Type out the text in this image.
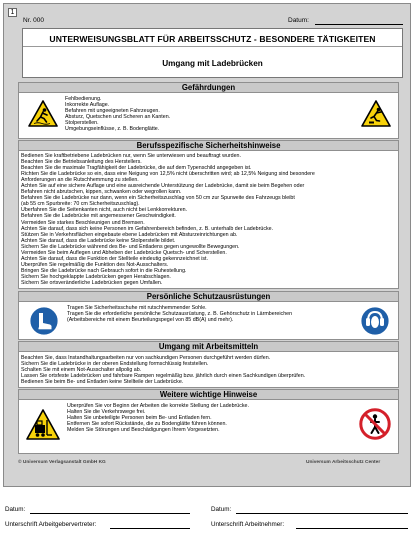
1
Nr. 000	Datum:
UNTERWEISUNGSBLATT FÜR ARBEITSSCHUTZ - BESONDERE TÄTIGKEITEN
Umgang mit Ladebrücken
Gefährdungen
Fehlbedienung.
Inkorrekte Auflage.
Befahren mit ungeeigneten Fahrzeugen.
Absturz, Quetschen und Scheren an Kanten.
Stolperstellen.
Umgebungseinflüsse, z. B. Bodenglätte.
Berufsspezifische Sicherheitshinweise
Bedienen Sie kraftbetriebene Ladebrücken nur, wenn Sie unterwiesen und beauftragt wurden.
Beachten Sie die Betriebsanleitung des Herstellers.
Beachten Sie die maximale Tragfähigkeit der Ladebrücke, die auf dem Typenschild angegeben ist.
Richten Sie die Ladebrücke so ein, dass eine Neigung von 12,5% nicht überschritten wird; ab 12,5% Neigung sind besondere
Anforderungen an die Rutschhemmung zu stellen.
Achten Sie auf eine sichere Auflage und eine ausreichende Unterstützung der Ladebrücke, damit sie beim Begehen oder
Befahren nicht abrutschen, kippen, schwanken oder wegrollen kann.
Befahren Sie die Ladebrücke nur dann, wenn ein Sicherheitszuschlag von 50 cm zur Spurweite des Fahrzeugs bleibt
(ab 55 cm Spurbreite: 70 cm Sicherheitszuschlag).
Überfahren Sie die Seitenkanten nicht, auch nicht bei Lenkkorrekturen.
Befahren Sie die Ladebrücke mit angemessener Geschwindigkeit.
Vermeiden Sie starkes Beschleunigen und Bremsen.
Achten Sie darauf, dass sich keine Personen im Gefahrenbereich befinden, z. B. unterhalb der Ladebrücke.
Stützen Sie in Verkehrsflächen eingebaute ebene Ladebrücken mit Absturzeinrichtungen ab.
Achten Sie darauf, dass die Ladebrücke keine Stolperstelle bildet.
Sichern Sie die Ladebrücke während des Be- und Entladens gegen ungewollte Bewegungen.
Vermeiden Sie beim Auflegen und Abheben der Ladebrücke Quetsch- und Scherstellen.
Achten Sie darauf, dass die Funktion der Stellteile eindeutig gekennzeichnet ist.
Überprüfen Sie regelmäßig die Funktion des Not-Ausschalters.
Bringen Sie die Ladebrücke nach Gebrauch sofort in die Ruhestellung.
Sichern Sie hochgeklappte Ladebrücken gegen Herabschlagen.
Sichern Sie ortsveränderliche Ladebrücken gegen Umfallen.
Persönliche Schutzausrüstungen
Tragen Sie Sicherheitsschuhe mit rutschhemmender Sohle.
Tragen Sie die erforderliche persönliche Schutzausrüstung, z. B. Gehörschutz in Lärmbereichen
(Arbeitsbereiche mit einem Beurteilungspegel von 85 dB(A) und mehr).
Umgang mit Arbeitsmitteln
Beachten Sie, dass Instandhaltungsarbeiten nur von sachkundigen Personen durchgeführt werden dürfen.
Sichern Sie die Ladebrücke in der oberen Endstellung formschlüssig feststellen.
Schalten Sie mit einem Not-Ausschalter allpolig ab.
Lassen Sie ortsfeste Ladebrücken und fahrbare Rampen regelmäßig bzw. jährlich durch einen Sachkundigen überprüfen.
Bedienen Sie beim Be- und Entladen keine Stellteile der Ladebrücke.
Weitere wichtige Hinweise
Überprüfen Sie vor Beginn der Arbeiten die korrekte Stellung der Ladebrücke.
Halten Sie die Verkehrswege frei.
Halten Sie unbeteiligte Personen beim Be- und Entladen fern.
Entfernen Sie sofort Rückstände, die zu Bodenglätte führen können.
Melden Sie Störungen und Beschädigungen Ihrem Vorgesetzten.
© Universum Verlagsanstalt GmbH KG	Universum Arbeitsschutz Center
Datum:	Datum:
Unterschrift Arbeitgebervertreter:	Unterschrift Arbeitnehmer:
